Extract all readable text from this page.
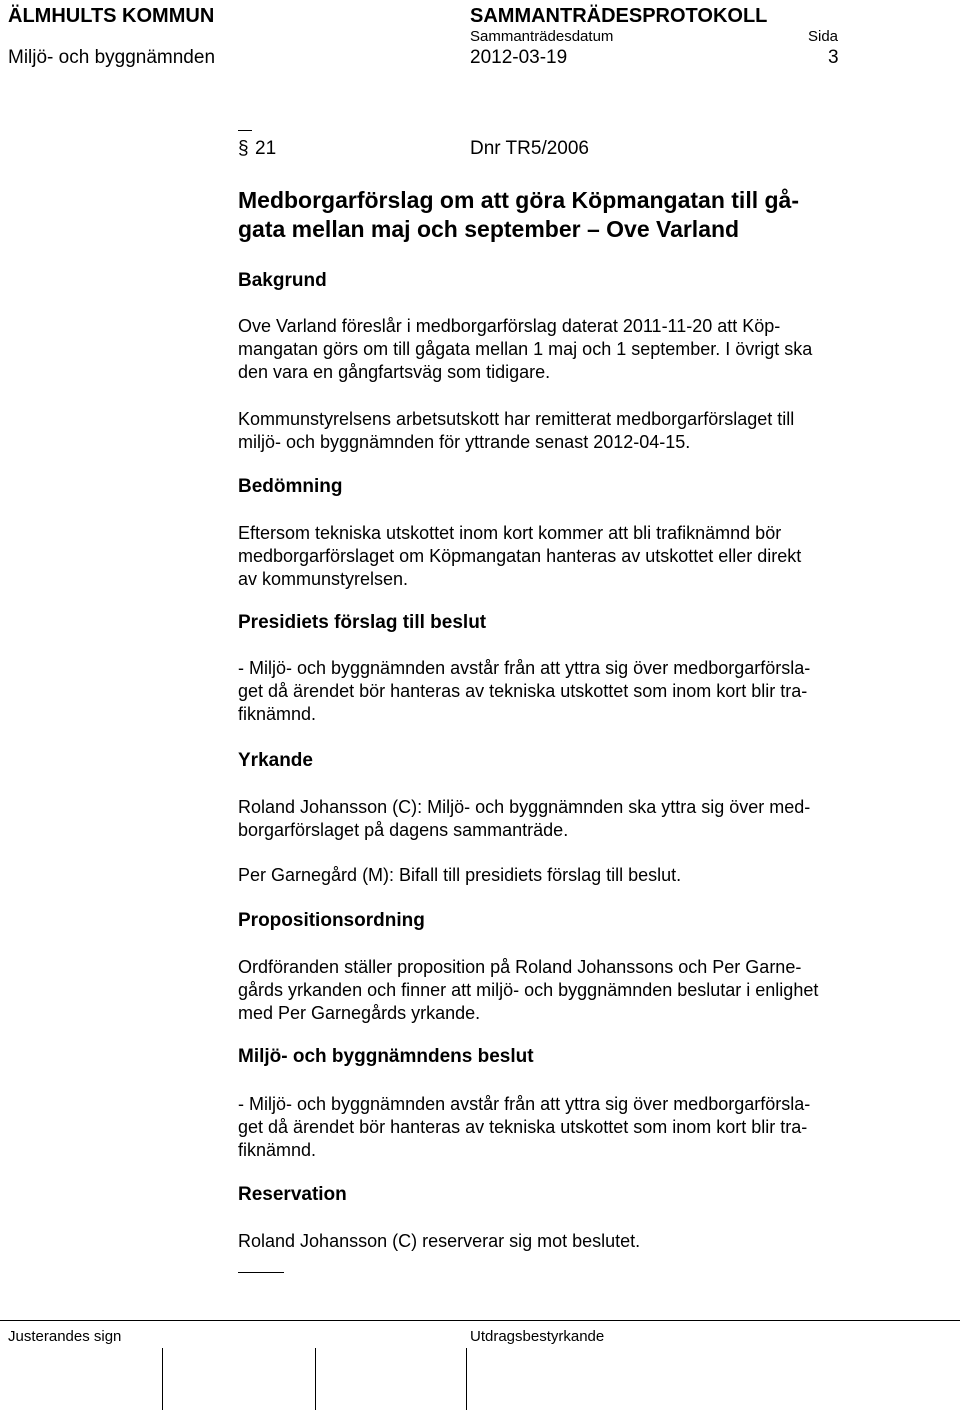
ÄLMHULTS KOMMUN	SAMMANTRÄDESPROTOKOLL
Sammanträdesdatum	Sida
Miljö- och byggnämnden	2012-03-19	3
§ 21	Dnr TR5/2006
Medborgarförslag om att göra Köpmangatan till gå-
gata mellan maj och september – Ove Varland
Bakgrund
Ove Varland föreslår i medborgarförslag daterat 2011-11-20 att Köp-
mangatan görs om till gågata mellan 1 maj och 1 september. I övrigt ska
den vara en gångfartsväg som tidigare.
Kommunstyrelsens arbetsutskott har remitterat medborgarförslaget till
miljö- och byggnämnden för yttrande senast 2012-04-15.
Bedömning
Eftersom tekniska utskottet inom kort kommer att bli trafiknämnd bör
medborgarförslaget om Köpmangatan hanteras av utskottet eller direkt
av kommunstyrelsen.
Presidiets förslag till beslut
- Miljö- och byggnämnden avstår från att yttra sig över medborgarförsla-
get då ärendet bör hanteras av tekniska utskottet som inom kort blir tra-
fiknämnd.
Yrkande
Roland Johansson (C): Miljö- och byggnämnden ska yttra sig över med-
borgarförslaget på dagens sammanträde.
Per Garnegård (M): Bifall till presidiets förslag till beslut.
Propositionsordning
Ordföranden ställer proposition på Roland Johanssons och Per Garne-
gårds yrkanden och finner att miljö- och byggnämnden beslutar i enlighet
med Per Garnegårds yrkande.
Miljö- och byggnämndens beslut
- Miljö- och byggnämnden avstår från att yttra sig över medborgarförsla-
get då ärendet bör hanteras av tekniska utskottet som inom kort blir tra-
fiknämnd.
Reservation
Roland Johansson (C) reserverar sig mot beslutet.
Justerandes sign	Utdragsbestyrkande
